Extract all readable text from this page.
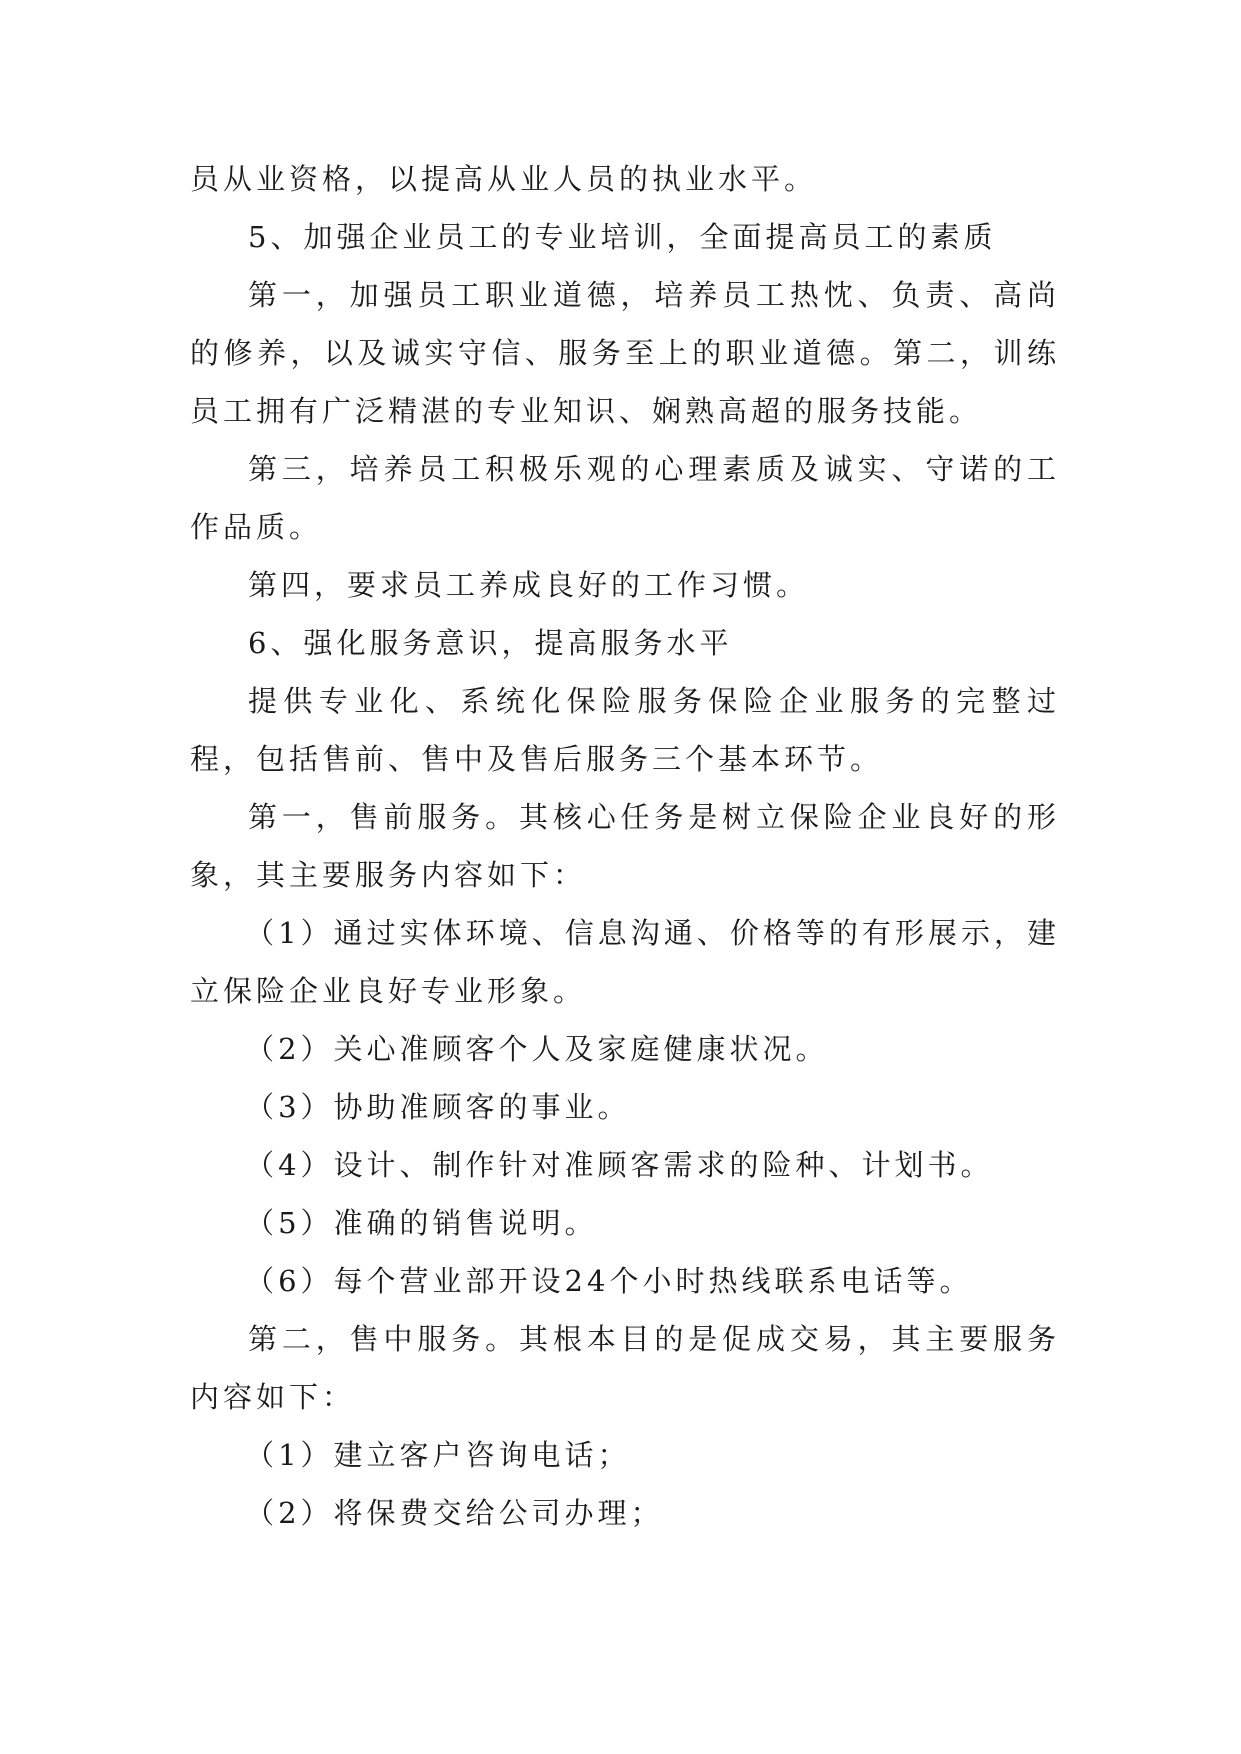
员从业资格，以提高从业人员的执业水平。

5、加强企业员工的专业培训，全面提高员工的素质

第一，加强员工职业道德，培养员工热忱、负责、高尚的修养，以及诚实守信、服务至上的职业道德。第二，训练员工拥有广泛精湛的专业知识、娴熟高超的服务技能。

第三，培养员工积极乐观的心理素质及诚实、守诺的工作品质。

第四，要求员工养成良好的工作习惯。

6、强化服务意识，提高服务水平

提供专业化、系统化保险服务保险企业服务的完整过程，包括售前、售中及售后服务三个基本环节。

第一，售前服务。其核心任务是树立保险企业良好的形象，其主要服务内容如下：

（1）通过实体环境、信息沟通、价格等的有形展示，建立保险企业良好专业形象。

（2）关心准顾客个人及家庭健康状况。

（3）协助准顾客的事业。

（4）设计、制作针对准顾客需求的险种、计划书。

（5）准确的销售说明。

（6）每个营业部开设24个小时热线联系电话等。

第二，售中服务。其根本目的是促成交易，其主要服务内容如下：

（1）建立客户咨询电话；

（2）将保费交给公司办理；
